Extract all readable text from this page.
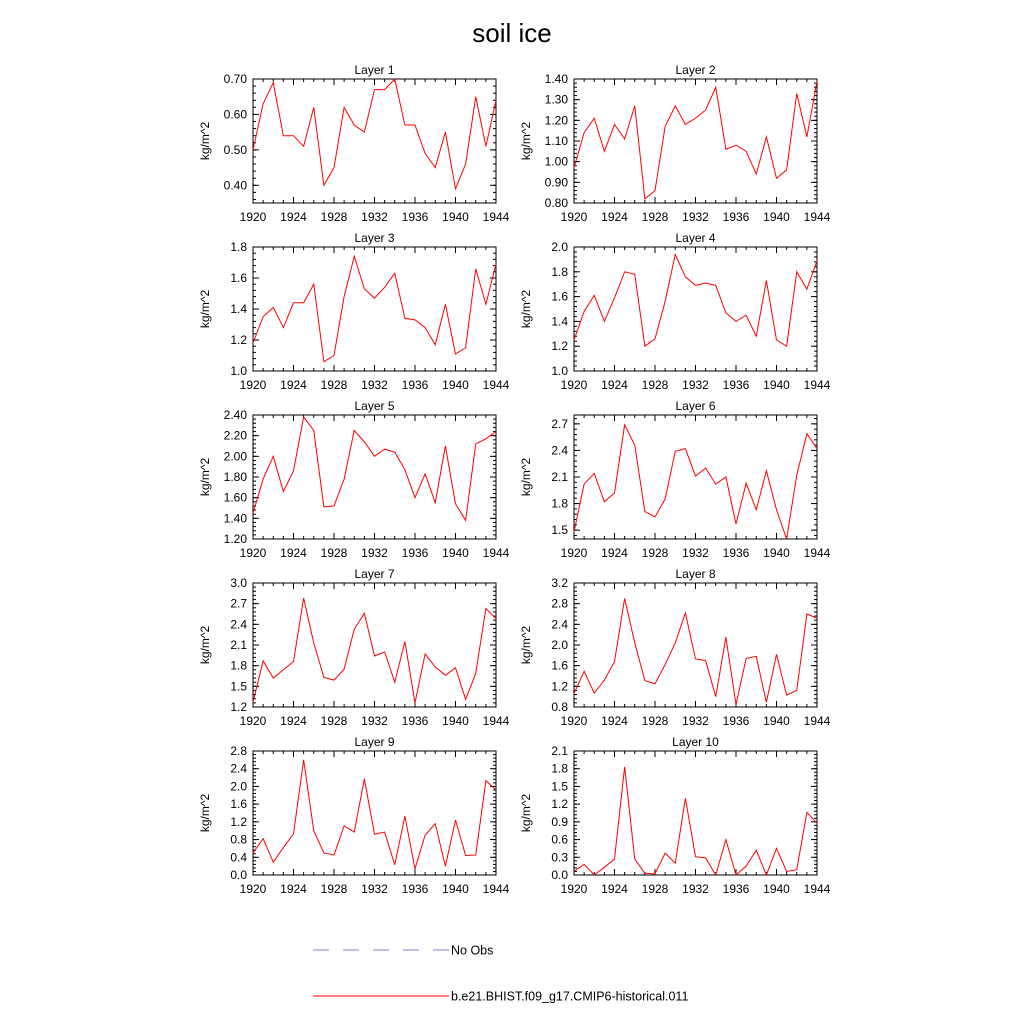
soil ice
Layer 1
kg/m^2
1920 1924 1928 1932 1936 1940 1944
0.40
0.50
0.60
0.70
Layer 2
kg/m^2
1920 1924 1928 1932 1936 1940 1944
0.80
0.90
1.00
1.10
1.20
1.30
1.40
Layer 3
kg/m^2
1920 1924 1928 1932 1936 1940 1944
1.0
1.2
1.4
1.6
1.8
Layer 4
kg/m^2
1920 1924 1928 1932 1936 1940 1944
1.0
1.2
1.4
1.6
1.8
2.0
Layer 5
kg/m^2
1920 1924 1928 1932 1936 1940 1944
1.20
1.40
1.60
1.80
2.00
2.20
2.40
Layer 6
kg/m^2
1920 1924 1928 1932 1936 1940 1944
1.5
1.8
2.1
2.4
2.7
Layer 7
kg/m^2
1920 1924 1928 1932 1936 1940 1944
1.2
1.5
1.8
2.1
2.4
2.7
3.0
Layer 8
kg/m^2
1920 1924 1928 1932 1936 1940 1944
0.8
1.2
1.6
2.0
2.4
2.8
3.2
Layer 9
kg/m^2
1920 1924 1928 1932 1936 1940 1944
0.0
0.4
0.8
1.2
1.6
2.0
2.4
2.8
Layer 10
kg/m^2
1920 1924 1928 1932 1936 1940 1944
0.0
0.3
0.6
0.9
1.2
1.5
1.8
2.1
No Obs
b.e21.BHIST.f09_g17.CMIP6-historical.011
